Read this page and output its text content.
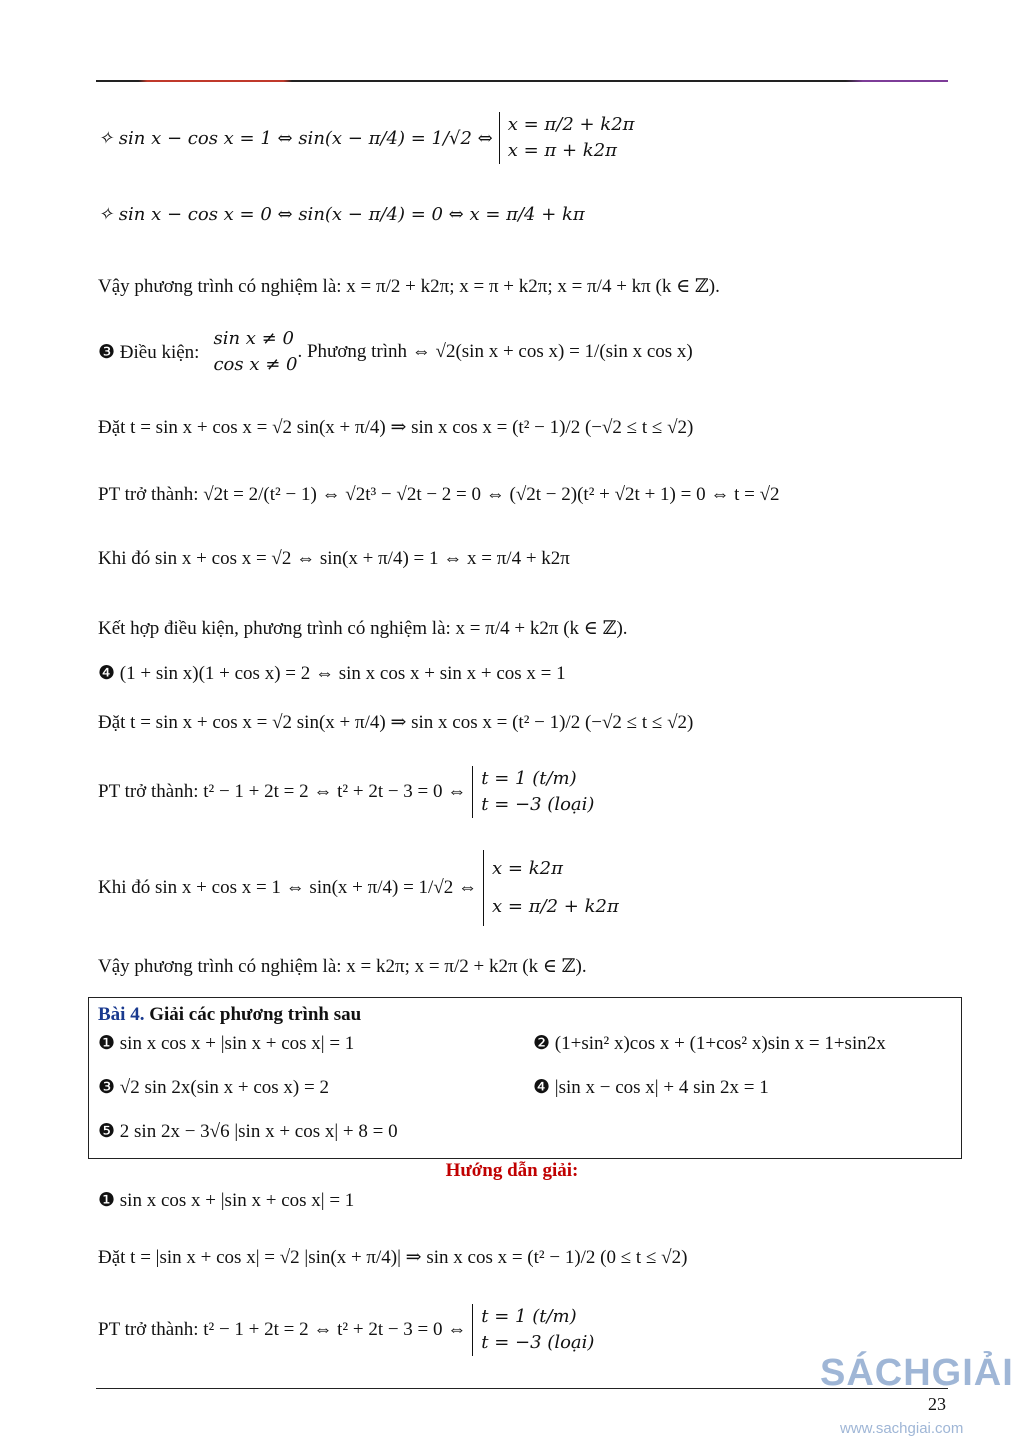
✧ sin x − cos x = 1 ⇔ sin(x − π/4) = 1/√2 ⇔
x = π/2 + k2π
x = π + k2π
✧ sin x − cos x = 0 ⇔ sin(x − π/4) = 0 ⇔ x = π/4 + kπ
Vậy phương trình có nghiệm là: x = π/2 + k2π; x = π + k2π; x = π/4 + kπ (k ∈ ℤ).
❸ Điều kiện:
sin x ≠ 0
cos x ≠ 0
. Phương trình ⇔ √2(sin x + cos x) = 1/(sin x cos x)
Đặt t = sin x + cos x = √2 sin(x + π/4) ⇒ sin x cos x = (t² − 1)/2 (−√2 ≤ t ≤ √2)
PT trở thành: √2t = 2/(t² − 1) ⇔ √2t³ − √2t − 2 = 0 ⇔ (√2t − 2)(t² + √2t + 1) = 0 ⇔ t = √2
Khi đó sin x + cos x = √2 ⇔ sin(x + π/4) = 1 ⇔ x = π/4 + k2π
Kết hợp điều kiện, phương trình có nghiệm là: x = π/4 + k2π (k ∈ ℤ).
❹ (1 + sin x)(1 + cos x) = 2 ⇔ sin x cos x + sin x + cos x = 1
Đặt t = sin x + cos x = √2 sin(x + π/4) ⇒ sin x cos x = (t² − 1)/2 (−√2 ≤ t ≤ √2)
PT trở thành: t² − 1 + 2t = 2 ⇔ t² + 2t − 3 = 0 ⇔
t = 1 (t/m)
t = −3 (loại)
Khi đó sin x + cos x = 1 ⇔ sin(x + π/4) = 1/√2 ⇔
x = k2π
x = π/2 + k2π
Vậy phương trình có nghiệm là: x = k2π; x = π/2 + k2π (k ∈ ℤ).
Bài 4. Giải các phương trình sau
❶ sin x cos x + |sin x + cos x| = 1	❷ (1+sin² x)cos x + (1+cos² x)sin x = 1+sin2x
❸ √2 sin 2x(sin x + cos x) = 2	❹ |sin x − cos x| + 4 sin 2x = 1
❺ 2 sin 2x − 3√6 |sin x + cos x| + 8 = 0
Hướng dẫn giải:
❶ sin x cos x + |sin x + cos x| = 1
Đặt t = |sin x + cos x| = √2 |sin(x + π/4)| ⇒ sin x cos x = (t² − 1)/2 (0 ≤ t ≤ √2)
PT trở thành: t² − 1 + 2t = 2 ⇔ t² + 2t − 3 = 0 ⇔
t = 1 (t/m)
t = −3 (loại)
SÁCHGIẢI
23
www.sachgiai.com
